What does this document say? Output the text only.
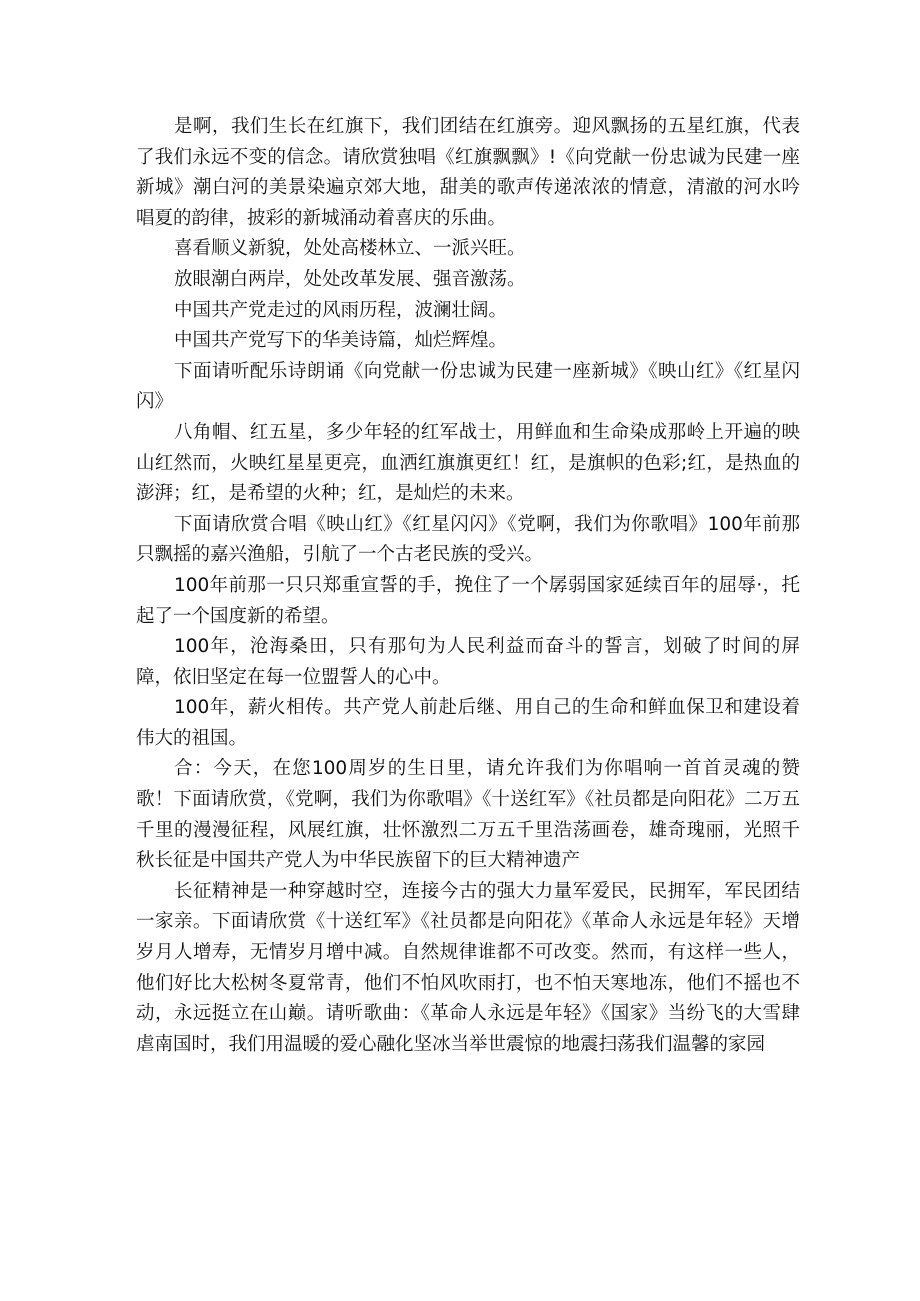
是啊，我们生长在红旗下，我们团结在红旗旁。迎风飘扬的五星红旗，代表了我们永远不变的信念。请欣赏独唱《红旗飘飘》!《向党献一份忠诚为民建一座新城》潮白河的美景染遍京郊大地，甜美的歌声传递浓浓的情意，清澈的河水吟唱夏的韵律，披彩的新城涌动着喜庆的乐曲。

喜看顺义新貌，处处高楼林立、一派兴旺。

放眼潮白两岸，处处改革发展、强音激荡。

中国共产党走过的风雨历程，波澜壮阔。

中国共产党写下的华美诗篇，灿烂辉煌。

下面请听配乐诗朗诵《向党献一份忠诚为民建一座新城》《映山红》《红星闪闪》

八角帽、红五星，多少年轻的红军战士，用鲜血和生命染成那岭上开遍的映山红然而，火映红星星更亮，血洒红旗旗更红！红，是旗帜的色彩;红，是热血的澎湃；红，是希望的火种；红，是灿烂的未来。

下面请欣赏合唱《映山红》《红星闪闪》《党啊，我们为你歌唱》100年前那只飘摇的嘉兴渔船，引航了一个古老民族的受兴。

100年前那一只只郑重宣誓的手，挽住了一个孱弱国家延续百年的屈辱·，托起了一个国度新的希望。

100年，沧海桑田，只有那句为人民利益而奋斗的誓言，划破了时间的屏障，依旧坚定在每一位盟誓人的心中。

100年，薪火相传。共产党人前赴后继、用自己的生命和鲜血保卫和建设着伟大的祖国。

合：今天，在您100周岁的生日里，请允许我们为你唱响一首首灵魂的赞歌！下面请欣赏，《党啊，我们为你歌唱》《十送红军》《社员都是向阳花》二万五千里的漫漫征程，风展红旗，壮怀激烈二万五千里浩荡画卷，雄奇瑰丽，光照千秋长征是中国共产党人为中华民族留下的巨大精神遗产

长征精神是一种穿越时空，连接今古的强大力量军爱民，民拥军，军民团结一家亲。下面请欣赏《十送红军》《社员都是向阳花》《革命人永远是年轻》天增岁月人增寿，无情岁月增中减。自然规律谁都不可改变。然而，有这样一些人，他们好比大松树冬夏常青，他们不怕风吹雨打，也不怕天寒地冻，他们不摇也不动，永远挺立在山巅。请听歌曲：《革命人永远是年轻》《国家》当纷飞的大雪肆虐南国时，我们用温暖的爱心融化坚冰当举世震惊的地震扫荡我们温馨的家园
